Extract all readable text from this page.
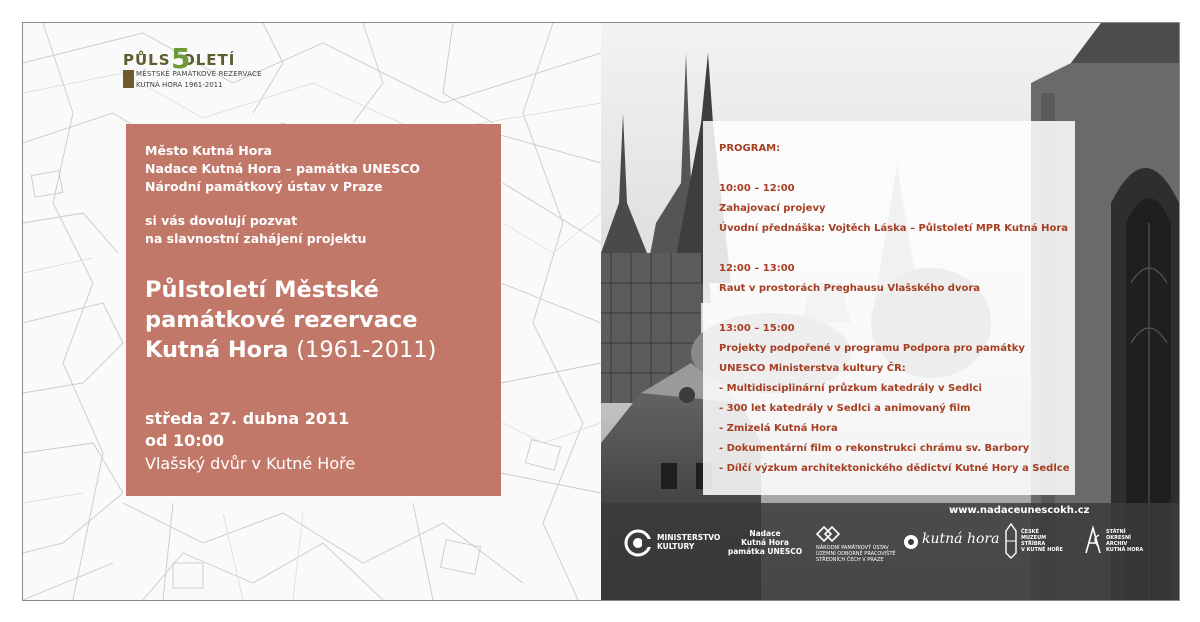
PŮLS OLETÍ
5
MĚSTSKÉ PAMÁTKOVÉ REZERVACE
KUTNÁ HORA 1961-2011
Město Kutná Hora
Nadace Kutná Hora – památka UNESCO
Národní památkový ústav v Praze
si vás dovolují pozvat
na slavnostní zahájení projektu
Půlstoletí Městské
památkové rezervace
Kutná Hora (1961-2011)
středa 27. dubna 2011
od 10:00
Vlašský dvůr v Kutné Hoře
PROGRAM:
10:00 – 12:00
Zahajovací projevy
Úvodní přednáška: Vojtěch Láska – Půlstoletí MPR Kutná Hora
12:00 – 13:00
Raut v prostorách Preghausu Vlašského dvora
13:00 – 15:00
Projekty podpořené v programu Podpora pro památky
UNESCO Ministerstva kultury ČR:
- Multidisciplinární průzkum katedrály v Sedlci
- 300 let katedrály v Sedlci a animovaný film
- Zmizelá Kutná Hora
- Dokumentární film o rekonstrukci chrámu sv. Barbory
- Dílčí výzkum architektonického dědictví Kutné Hory a Sedlce
www.nadaceunescokh.cz
MINISTERSTVO
KULTURY
Nadace
Kutná Hora
památka UNESCO	NÁRODNÍ PAMÁTKOVÝ ÚSTAV
ÚZEMNÍ ODBORNÉ PRACOVIŠTĚ
STŘEDNÍCH ČECH V PRAZE
kutná hora	ČESKÉ
MUZEUM
STŘÍBRA
V KUTNÉ HOŘE
STÁTNÍ
OKRESNÍ
ARCHIV
KUTNÁ HORA
